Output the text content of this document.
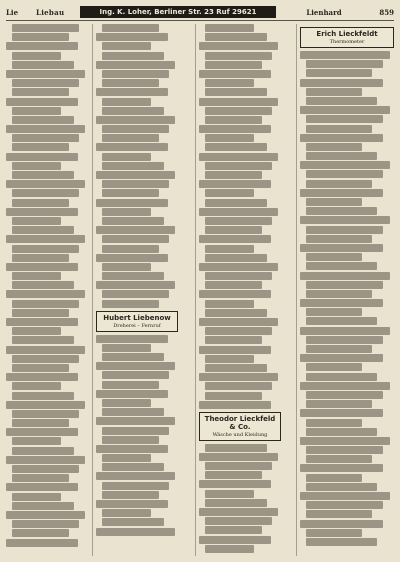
Lie	Liebau	Ing. K. Loher, Berliner Str. 23 Ruf 29621	Lienhard	859
Hubert Liebenow
Dreherei – Fernruf
Theodor Lieckfeld & Co.
Wäsche und Kleidung
Erich Lieckfeldt
Thermometer
